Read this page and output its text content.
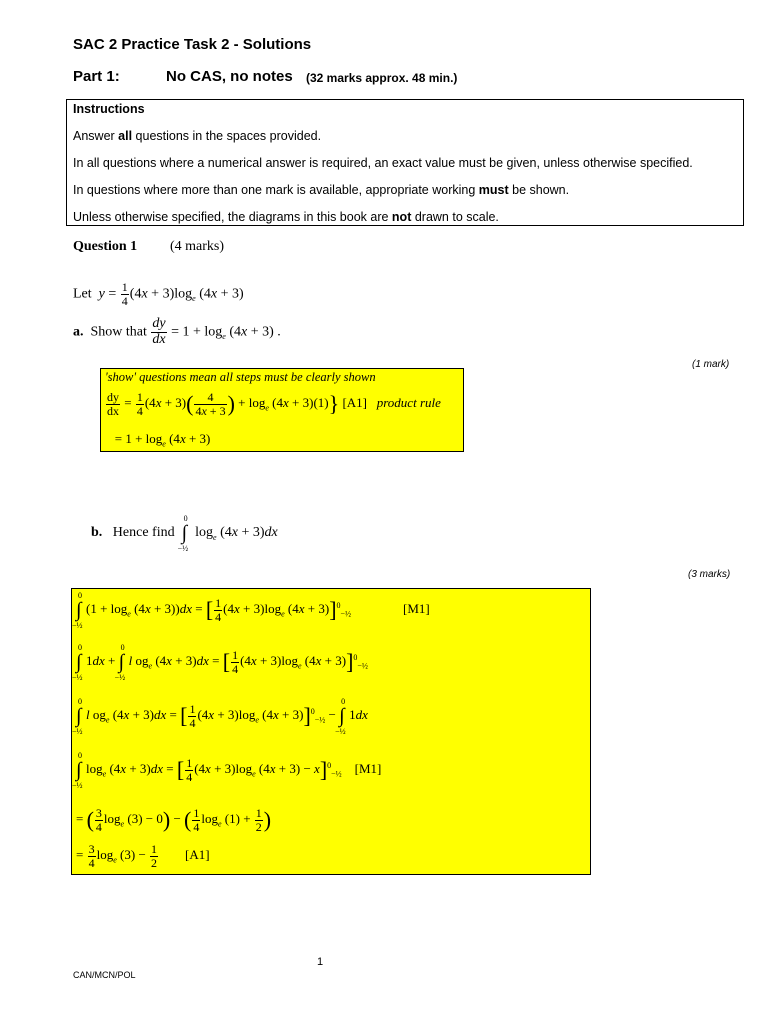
SAC 2 Practice Task 2 - Solutions
Part 1:	No CAS, no notes (32 marks approx. 48 min.)
Instructions
Answer all questions in the spaces provided.
In all questions where a numerical answer is required, an exact value must be given, unless otherwise specified.
In questions where more than one mark is available, appropriate working must be shown.
Unless otherwise specified, the diagrams in this book are not drawn to scale.
Question 1 (4 marks)
Let $y = \frac{1}{4} (4x + 3)\log_e$ (4x + 3)
a. Show that $\frac{dy}{dx} = 1 + \log_e (4x + 3)$ .
(1 mark)
'show' questions mean all steps must be clearly shown
$\frac{dy}{dx} = \frac{1}{4} (4x + 3)( \frac{4}{4x + 3}$ ) + $\log_e (4x + 3)(1)$} [A1] product rule
= $1 + \log_e (4x + 3)$
b. Hence find ∫
0
−½
$\log_e (4x + 3)dx$
(3 marks)
∫
0
−½
$(1 + \log_e (4x + 3))dx$ = [ $\frac{1}{4} (4x + 3)\log_e$ (4x + 3)]$^0_{-\frac{1}{2}}$	[M1]
∫
0
−½
1dx + ∫
0
−½
l $og_e$ (4x + 3)dx = [ $\frac{1}{4} (4x + 3)\log_e$ (4x + 3)]$^0_{-\frac{1}{2}}$
∫
0
−½
l $og_e$ (4x + 3)dx = [ $\frac{1}{4} (4x + 3)\log_e$ (4x + 3)]$^0_{-\frac{1}{2}}$ − ∫
0
−½
1dx
∫
0
−½
$\log_e (4x + 3)dx$ = [ $\frac{1}{4} (4x + 3)\log_e$ (4x + 3) − x]$^0_{-\frac{1}{2}}$ [M1]
= ( $\frac{3}{4} \log_e (3) - 0$) − ( $\frac{1}{4} \log_e (1) + \frac{1}{2}$ )
= $\frac{3}{4} \log_e (3) - \frac{1}{2} [A1]$
1
CAN/MCN/POL
